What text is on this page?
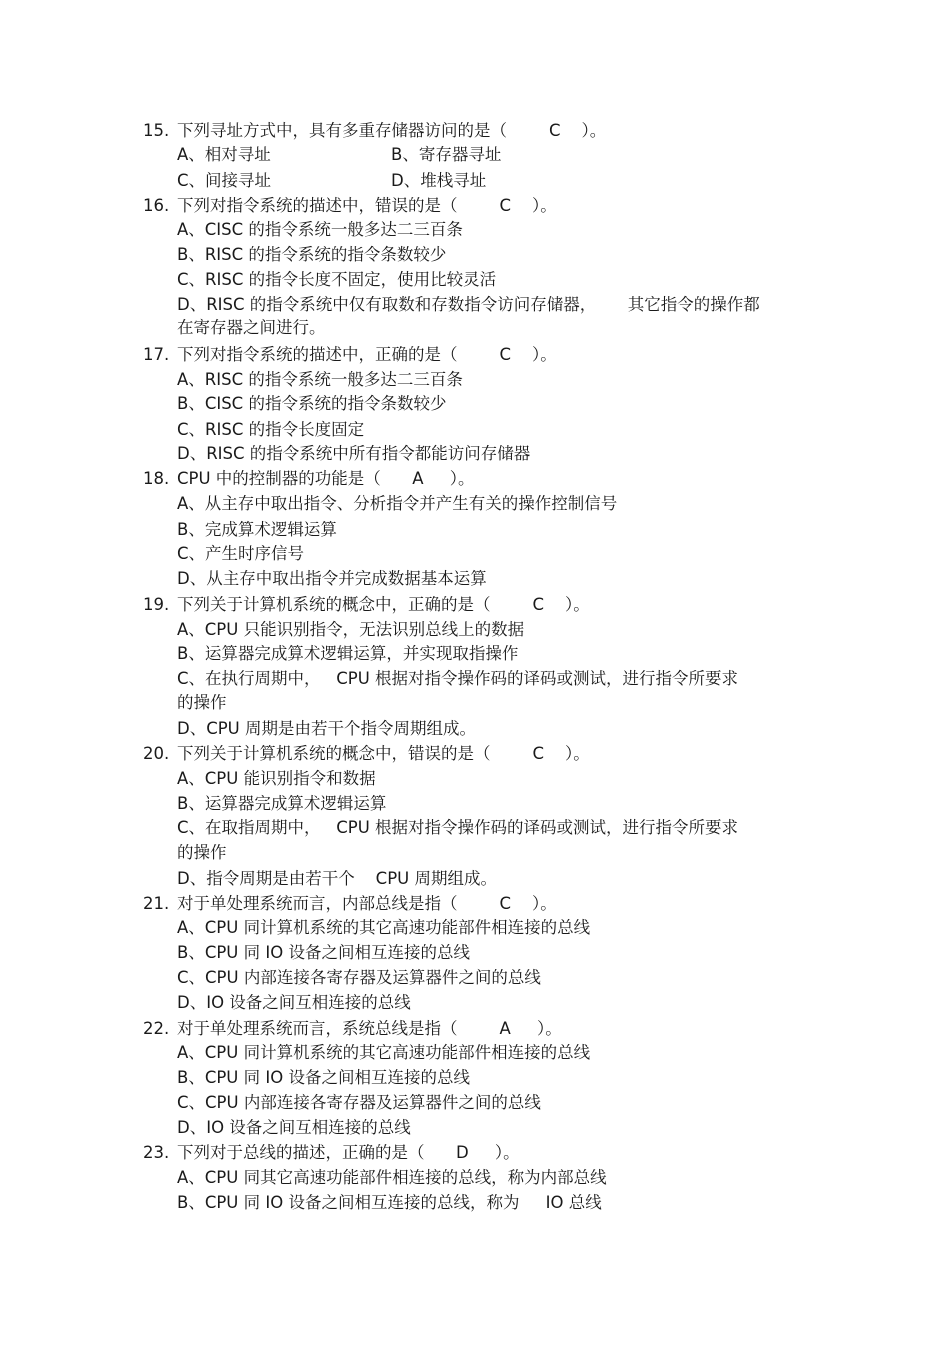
15. 下列寻址方式中，具有多重存储器访问的是（        C    ）。
A、相对寻址	B、寄存器寻址
C、间接寻址	D、堆栈寻址
16. 下列对指令系统的描述中，错误的是（        C    ）。
A、CISC 的指令系统一般多达二三百条
B、RISC 的指令系统的指令条数较少
C、RISC 的指令长度不固定，使用比较灵活
D、RISC 的指令系统中仅有取数和存数指令访问存储器，      其它指令的操作都
在寄存器之间进行。
17. 下列对指令系统的描述中，正确的是（        C    ）。
A、RISC 的指令系统一般多达二三百条
B、CISC 的指令系统的指令条数较少
C、RISC 的指令长度固定
D、RISC 的指令系统中所有指令都能访问存储器
18. CPU 中的控制器的功能是（      A     ）。
A、从主存中取出指令、分析指令并产生有关的操作控制信号
B、完成算术逻辑运算
C、产生时序信号
D、从主存中取出指令并完成数据基本运算
19. 下列关于计算机系统的概念中，正确的是（        C    ）。
A、CPU 只能识别指令，无法识别总线上的数据
B、运算器完成算术逻辑运算，并实现取指操作
C、在执行周期中，   CPU 根据对指令操作码的译码或测试，进行指令所要求
的操作
D、CPU 周期是由若干个指令周期组成。
20. 下列关于计算机系统的概念中，错误的是（        C    ）。
A、CPU 能识别指令和数据
B、运算器完成算术逻辑运算
C、在取指周期中，   CPU 根据对指令操作码的译码或测试，进行指令所要求
的操作
D、指令周期是由若干个    CPU 周期组成。
21. 对于单处理系统而言，内部总线是指（        C    ）。
A、CPU 同计算机系统的其它高速功能部件相连接的总线
B、CPU 同 IO 设备之间相互连接的总线
C、CPU 内部连接各寄存器及运算器件之间的总线
D、IO 设备之间互相连接的总线
22. 对于单处理系统而言，系统总线是指（        A     ）。
A、CPU 同计算机系统的其它高速功能部件相连接的总线
B、CPU 同 IO 设备之间相互连接的总线
C、CPU 内部连接各寄存器及运算器件之间的总线
D、IO 设备之间互相连接的总线
23. 下列对于总线的描述，正确的是（      D     ）。
A、CPU 同其它高速功能部件相连接的总线，称为内部总线
B、CPU 同 IO 设备之间相互连接的总线，称为     IO 总线
